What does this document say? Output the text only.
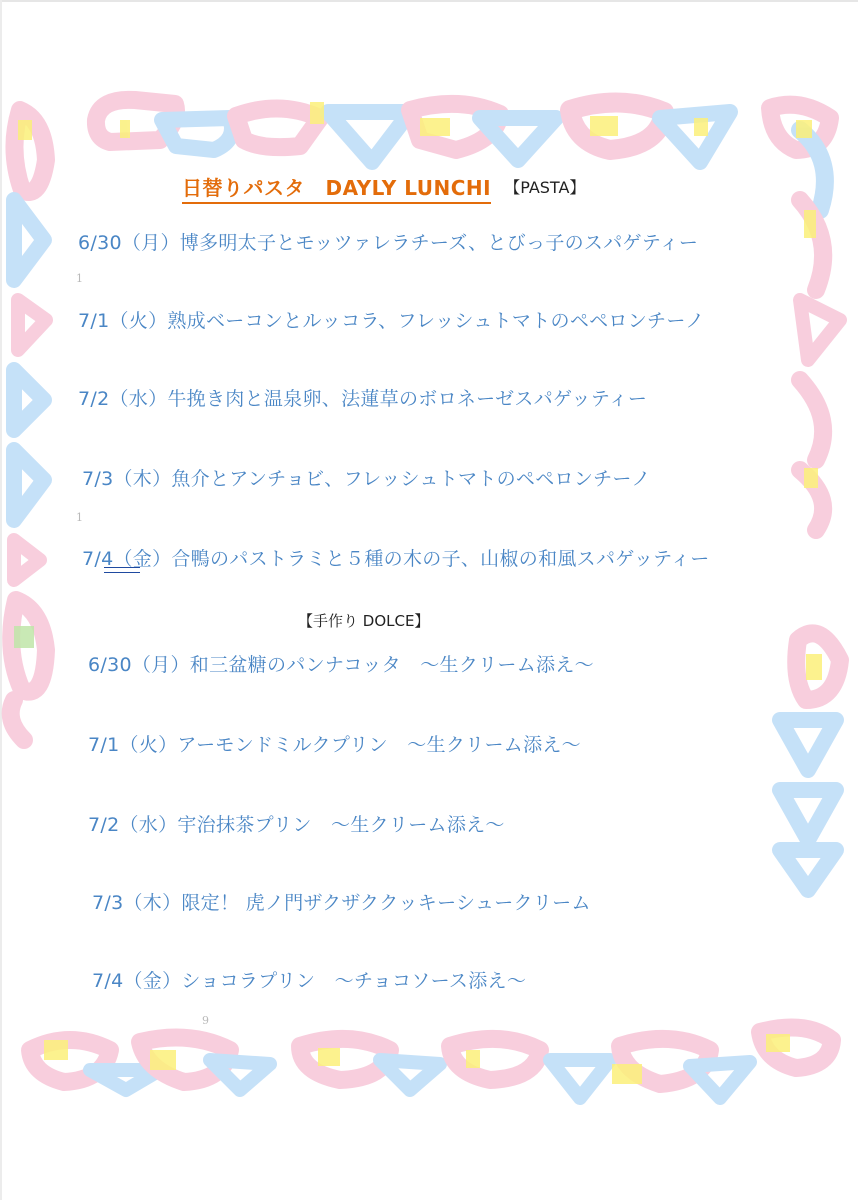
1
1
9
日替りパスタ　DAYLY LUNCHI 【PASTA】
6/30（月）博多明太子とモッツァレラチーズ、とびっ子のスパゲティー
7/1（火）熟成ベーコンとルッコラ、フレッシュトマトのペペロンチーノ
7/2（水）牛挽き肉と温泉卵、法蓮草のボロネーゼスパゲッティー
7/3（木）魚介とアンチョビ、フレッシュトマトのペペロンチーノ
7/4（金）合鴨のパストラミと５種の木の子、山椒の和風スパゲッティー
【手作り DOLCE】
6/30（月）和三盆糖のパンナコッタ　～生クリーム添え～
7/1（火）アーモンドミルクプリン　～生クリーム添え～
7/2（水）宇治抹茶プリン　～生クリーム添え～
7/3（木）限定！ 虎ノ門ザクザククッキーシュークリーム
7/4（金）ショコラプリン　～チョコソース添え～
